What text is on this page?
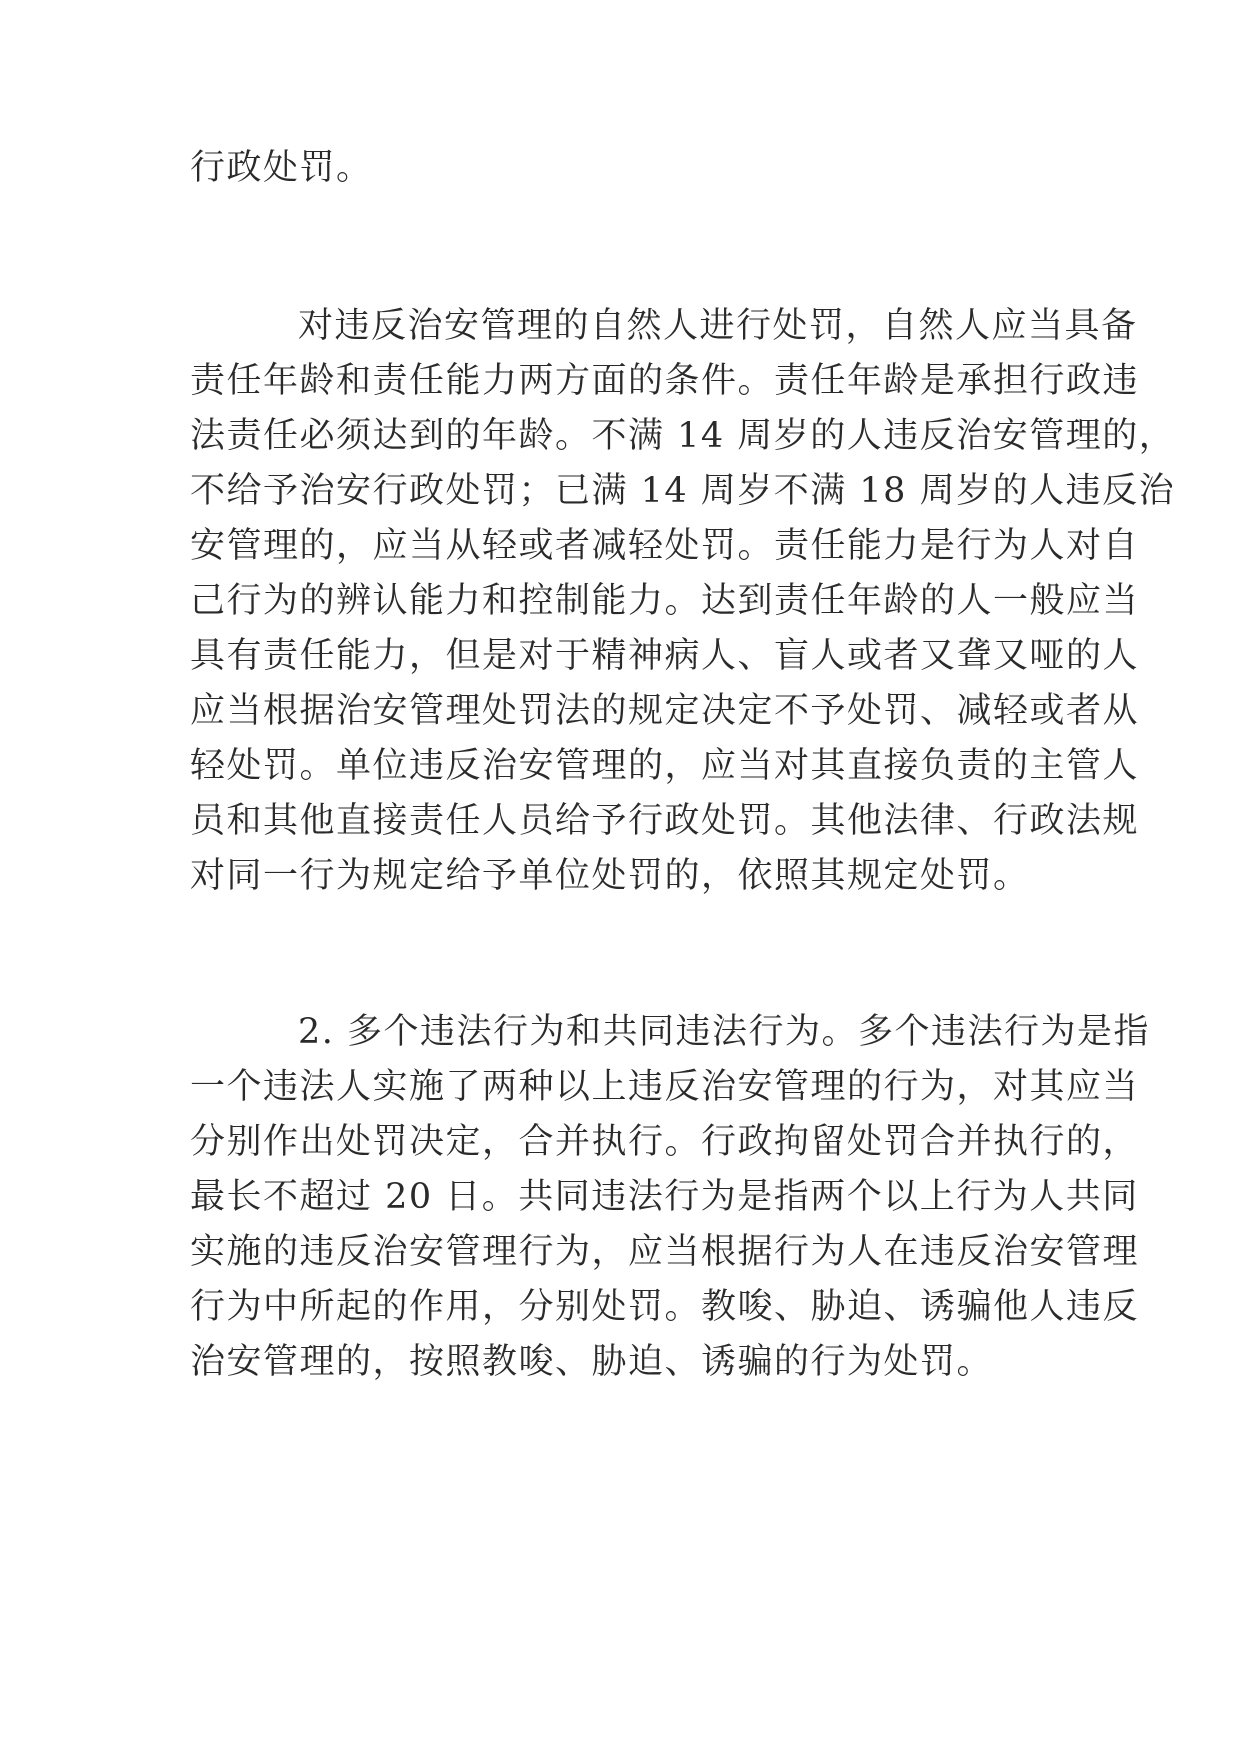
行政处罚。
对违反治安管理的自然人进行处罚，自然人应当具备
责任年龄和责任能力两方面的条件。责任年龄是承担行政违
法责任必须达到的年龄。不满 14 周岁的人违反治安管理的，
不给予治安行政处罚；已满 14 周岁不满 18 周岁的人违反治
安管理的，应当从轻或者减轻处罚。责任能力是行为人对自
己行为的辨认能力和控制能力。达到责任年龄的人一般应当
具有责任能力，但是对于精神病人、盲人或者又聋又哑的人
应当根据治安管理处罚法的规定决定不予处罚、减轻或者从
轻处罚。单位违反治安管理的，应当对其直接负责的主管人
员和其他直接责任人员给予行政处罚。其他法律、行政法规
对同一行为规定给予单位处罚的，依照其规定处罚。
2. 多个违法行为和共同违法行为。多个违法行为是指
一个违法人实施了两种以上违反治安管理的行为，对其应当
分别作出处罚决定，合并执行。行政拘留处罚合并执行的，
最长不超过 20 日。共同违法行为是指两个以上行为人共同
实施的违反治安管理行为，应当根据行为人在违反治安管理
行为中所起的作用，分别处罚。教唆、胁迫、诱骗他人违反
治安管理的，按照教唆、胁迫、诱骗的行为处罚。
